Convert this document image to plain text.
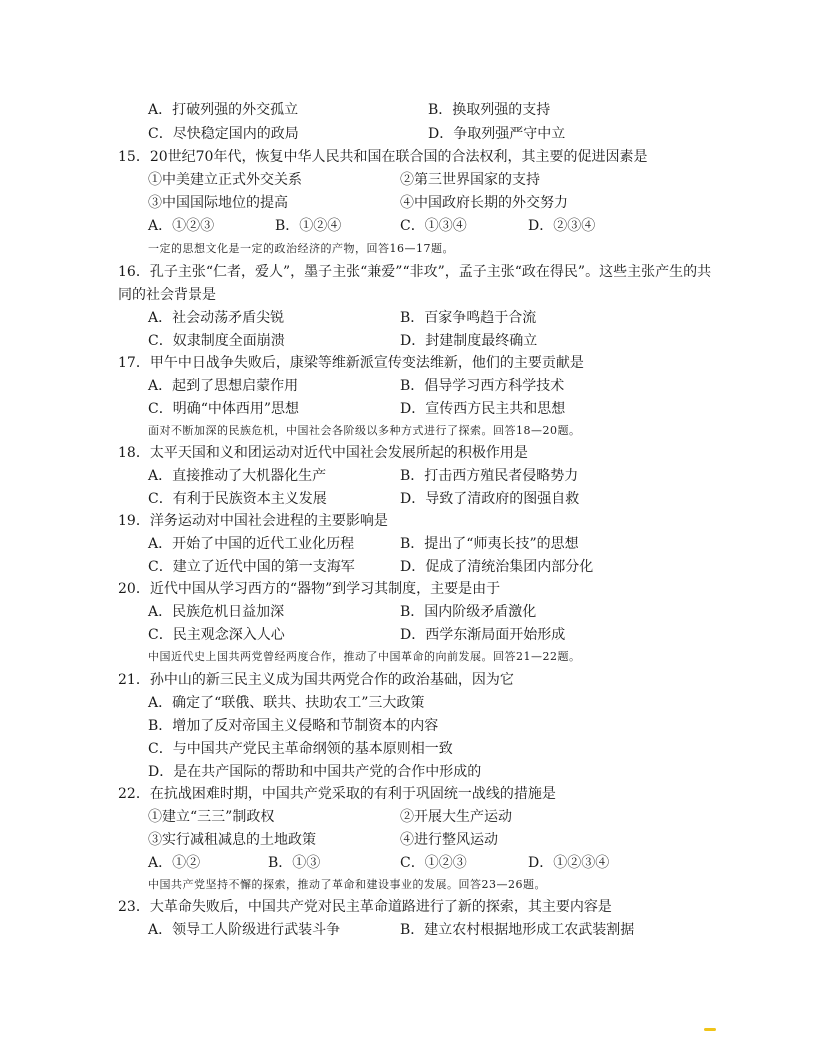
A．打破列强的外交孤立	B．换取列强的支持
C．尽快稳定国内的政局	D．争取列强严守中立
15．20世纪70年代，恢复中华人民共和国在联合国的合法权利，其主要的促进因素是
①中美建立正式外交关系	②第三世界国家的支持
③中国国际地位的提高	④中国政府长期的外交努力
A．①②③	B．①②④	C．①③④	D．②③④
一定的思想文化是一定的政治经济的产物，回答16—17题。
16．孔子主张“仁者，爱人”，墨子主张“兼爱”“非攻”，孟子主张“政在得民”。这些主张产生的共
同的社会背景是
A．社会动荡矛盾尖锐	B．百家争鸣趋于合流
C．奴隶制度全面崩溃	D．封建制度最终确立
17．甲午中日战争失败后，康梁等维新派宣传变法维新，他们的主要贡献是
A．起到了思想启蒙作用	B．倡导学习西方科学技术
C．明确“中体西用”思想	D．宣传西方民主共和思想
面对不断加深的民族危机，中国社会各阶级以多种方式进行了探索。回答18—20题。
18．太平天国和义和团运动对近代中国社会发展所起的积极作用是
A．直接推动了大机器化生产	B．打击西方殖民者侵略势力
C．有利于民族资本主义发展	D．导致了清政府的图强自救
19．洋务运动对中国社会进程的主要影响是
A．开始了中国的近代工业化历程	B．提出了“师夷长技”的思想
C．建立了近代中国的第一支海军	D．促成了清统治集团内部分化
20．近代中国从学习西方的“器物”到学习其制度，主要是由于
A．民族危机日益加深	B．国内阶级矛盾激化
C．民主观念深入人心	D．西学东渐局面开始形成
中国近代史上国共两党曾经两度合作，推动了中国革命的向前发展。回答21—22题。
21．孙中山的新三民主义成为国共两党合作的政治基础，因为它
A．确定了“联俄、联共、扶助农工”三大政策
B．增加了反对帝国主义侵略和节制资本的内容
C．与中国共产党民主革命纲领的基本原则相一致
D．是在共产国际的帮助和中国共产党的合作中形成的
22．在抗战困难时期，中国共产党采取的有利于巩固统一战线的措施是
①建立“三三”制政权	②开展大生产运动
③实行减租减息的土地政策	④进行整风运动
A．①②	B．①③	C．①②③	D．①②③④
中国共产党坚持不懈的探索，推动了革命和建设事业的发展。回答23—26题。
23．大革命失败后，中国共产党对民主革命道路进行了新的探索，其主要内容是
A．领导工人阶级进行武装斗争	B．建立农村根据地形成工农武装割据
